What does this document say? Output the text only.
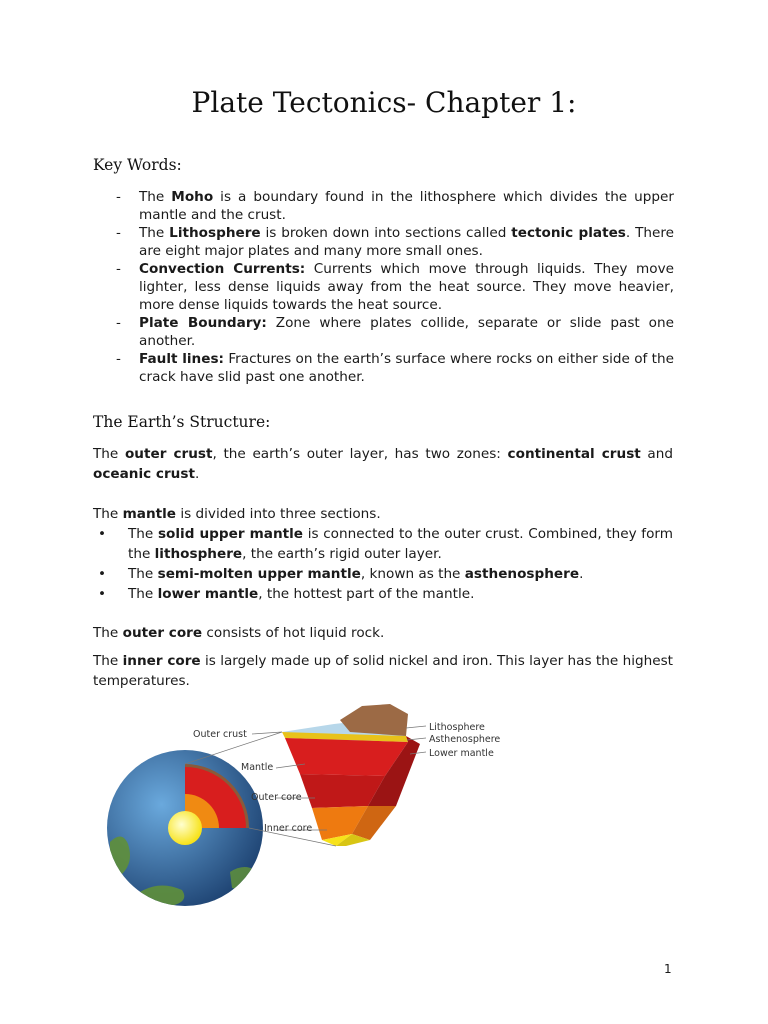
Plate Tectonics- Chapter 1:
Key Words:
- The Moho is a boundary found in the lithosphere which divides the upper mantle and the crust.
- The Lithosphere is broken down into sections called tectonic plates. There are eight major plates and many more small ones.
- Convection Currents: Currents which move through liquids. They move lighter, less dense liquids away from the heat source. They move heavier, more dense liquids towards the heat source.
- Plate Boundary: Zone where plates collide, separate or slide past one another.
- Fault lines: Fractures on the earth’s surface where rocks on either side of the crack have slid past one another.
The Earth’s Structure:

The outer crust, the earth’s outer layer, has two zones: continental crust and oceanic crust.

The mantle is divided into three sections.

• The solid upper mantle is connected to the outer crust. Combined, they form the lithosphere, the earth’s rigid outer layer.
• The semi-molten upper mantle, known as the asthenosphere.
• The lower mantle, the hottest part of the mantle.

The outer core consists of hot liquid rock.

The inner core is largely made up of solid nickel and iron. This layer has the highest temperatures.

Outer crust
Mantle
Outer core
Inner core
Lithosphere
Asthenosphere
Lower mantle
1
